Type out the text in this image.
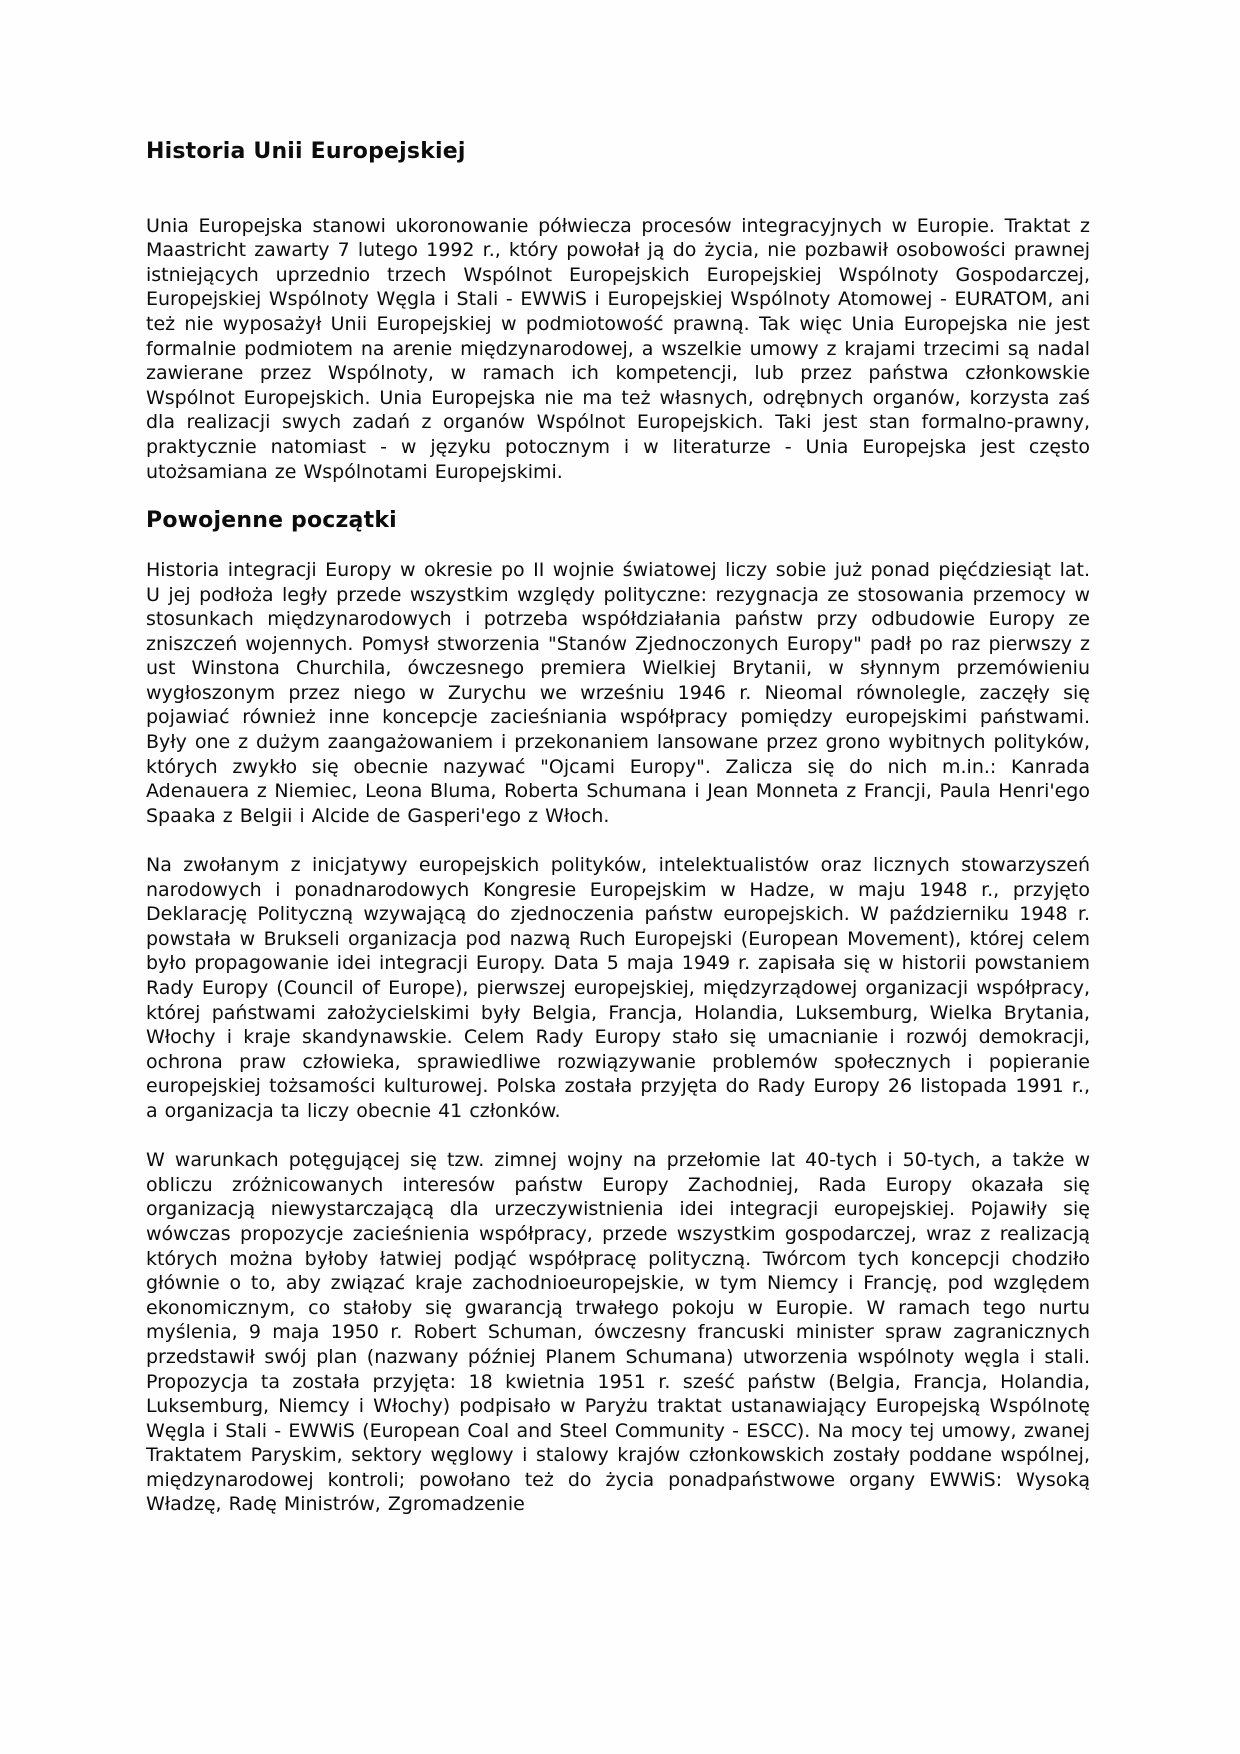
Historia Unii Europejskiej

Unia Europejska stanowi ukoronowanie półwiecza procesów integracyjnych w Europie. Traktat z Maastricht zawarty 7 lutego 1992 r., który powołał ją do życia, nie pozbawił osobowości prawnej istniejących uprzednio trzech Wspólnot Europejskich Europejskiej Wspólnoty Gospodarczej, Europejskiej Wspólnoty Węgla i Stali - EWWiS i Europejskiej Wspólnoty Atomowej - EURATOM, ani też nie wyposażył Unii Europejskiej w podmiotowość prawną. Tak więc Unia Europejska nie jest formalnie podmiotem na arenie międzynarodowej, a wszelkie umowy z krajami trzecimi są nadal zawierane przez Wspólnoty, w ramach ich kompetencji, lub przez państwa członkowskie Wspólnot Europejskich. Unia Europejska nie ma też własnych, odrębnych organów, korzysta zaś dla realizacji swych zadań z organów Wspólnot Europejskich. Taki jest stan formalno-prawny, praktycznie natomiast - w języku potocznym i w literaturze - Unia Europejska jest często utożsamiana ze Wspólnotami Europejskimi.

Powojenne początki

Historia integracji Europy w okresie po II wojnie światowej liczy sobie już ponad pięćdziesiąt lat. U jej podłoża legły przede wszystkim względy polityczne: rezygnacja ze stosowania przemocy w stosunkach międzynarodowych i potrzeba współdziałania państw przy odbudowie Europy ze zniszczeń wojennych. Pomysł stworzenia "Stanów Zjednoczonych Europy" padł po raz pierwszy z ust Winstona Churchila, ówczesnego premiera Wielkiej Brytanii, w słynnym przemówieniu wygłoszonym przez niego w Zurychu we wrześniu 1946 r. Nieomal równolegle, zaczęły się pojawiać również inne koncepcje zacieśniania współpracy pomiędzy europejskimi państwami. Były one z dużym zaangażowaniem i przekonaniem lansowane przez grono wybitnych polityków, których zwykło się obecnie nazywać "Ojcami Europy". Zalicza się do nich m.in.: Kanrada Adenauera z Niemiec, Leona Bluma, Roberta Schumana i Jean Monneta z Francji, Paula Henri'ego Spaaka z Belgii i Alcide de Gasperi'ego z Włoch.

Na zwołanym z inicjatywy europejskich polityków, intelektualistów oraz licznych stowarzyszeń narodowych i ponadnarodowych Kongresie Europejskim w Hadze, w maju 1948 r., przyjęto Deklarację Polityczną wzywającą do zjednoczenia państw europejskich. W październiku 1948 r. powstała w Brukseli organizacja pod nazwą Ruch Europejski (European Movement), której celem było propagowanie idei integracji Europy. Data 5 maja 1949 r. zapisała się w historii powstaniem Rady Europy (Council of Europe), pierwszej europejskiej, międzyrządowej organizacji współpracy, której państwami założycielskimi były Belgia, Francja, Holandia, Luksemburg, Wielka Brytania, Włochy i kraje skandynawskie. Celem Rady Europy stało się umacnianie i rozwój demokracji, ochrona praw człowieka, sprawiedliwe rozwiązywanie problemów społecznych i popieranie europejskiej tożsamości kulturowej. Polska została przyjęta do Rady Europy 26 listopada 1991 r., a organizacja ta liczy obecnie 41 członków.

W warunkach potęgującej się tzw. zimnej wojny na przełomie lat 40-tych i 50-tych, a także w obliczu zróżnicowanych interesów państw Europy Zachodniej, Rada Europy okazała się organizacją niewystarczającą dla urzeczywistnienia idei integracji europejskiej. Pojawiły się wówczas propozycje zacieśnienia współpracy, przede wszystkim gospodarczej, wraz z realizacją których można byłoby łatwiej podjąć współpracę polityczną. Twórcom tych koncepcji chodziło głównie o to, aby związać kraje zachodnioeuropejskie, w tym Niemcy i Francję, pod względem ekonomicznym, co stałoby się gwarancją trwałego pokoju w Europie. W ramach tego nurtu myślenia, 9 maja 1950 r. Robert Schuman, ówczesny francuski minister spraw zagranicznych przedstawił swój plan (nazwany później Planem Schumana) utworzenia wspólnoty węgla i stali. Propozycja ta została przyjęta: 18 kwietnia 1951 r. sześć państw (Belgia, Francja, Holandia, Luksemburg, Niemcy i Włochy) podpisało w Paryżu traktat ustanawiający Europejską Wspólnotę Węgla i Stali - EWWiS (European Coal and Steel Community - ESCC). Na mocy tej umowy, zwanej Traktatem Paryskim, sektory węglowy i stalowy krajów członkowskich zostały poddane wspólnej, międzynarodowej kontroli; powołano też do życia ponadpaństwowe organy EWWiS: Wysoką Władzę, Radę Ministrów, Zgromadzenie
